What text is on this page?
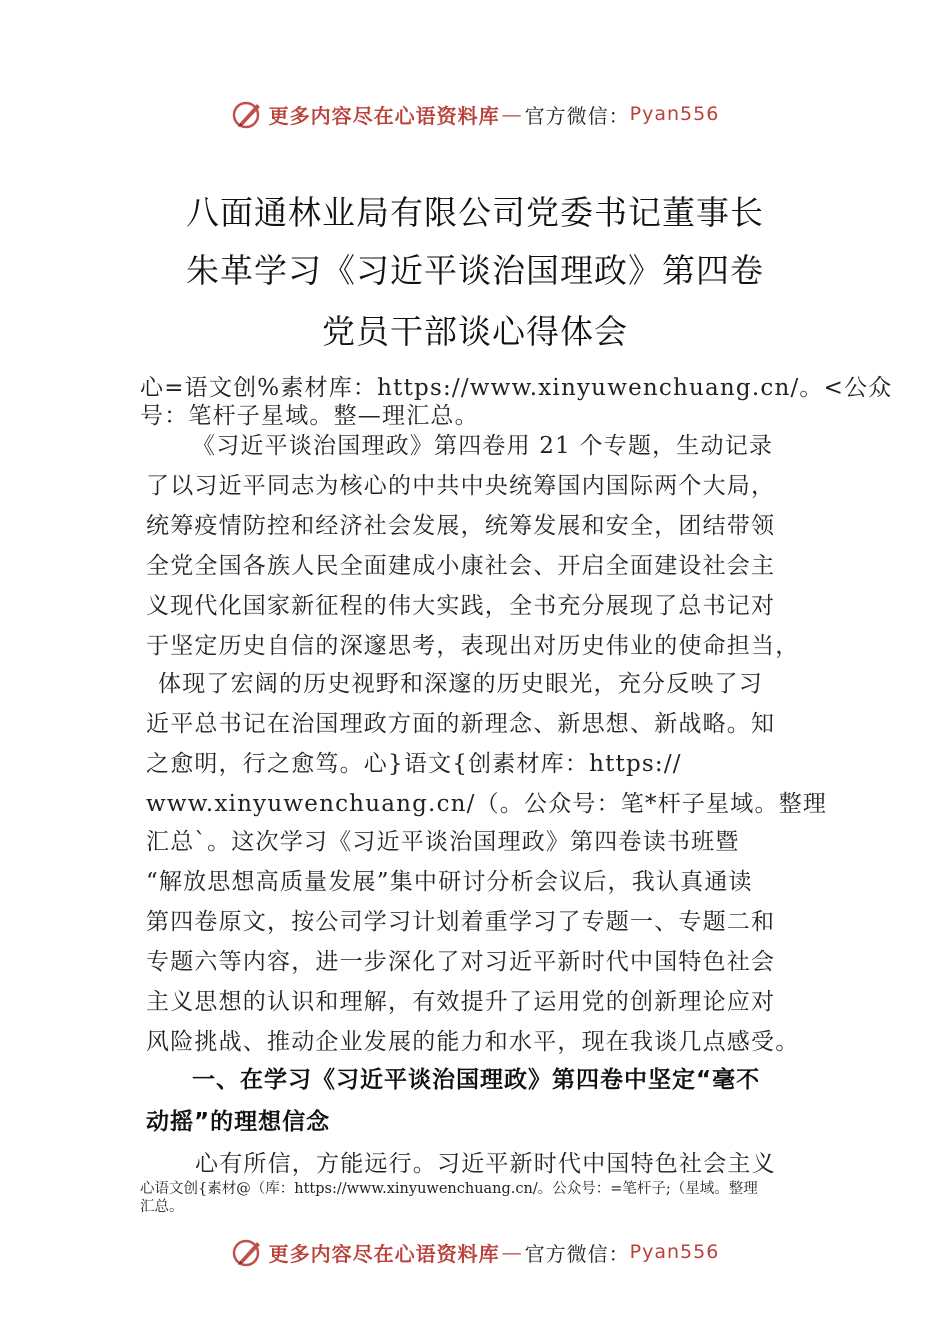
更多内容尽在心语资料库 — 官方微信： Pyan556
八面通林业局有限公司党委书记董事长
朱革学习《习近平谈治国理政》第四卷
党员干部谈心得体会
心=语文创%素材库：https://www.xinyuwenchuang.cn/。<公众
号：笔杆子星域。整—理汇总。
《习近平谈治国理政》第四卷用 21 个专题，生动记录
了以习近平同志为核心的中共中央统筹国内国际两个大局，
统筹疫情防控和经济社会发展，统筹发展和安全，团结带领
全党全国各族人民全面建成小康社会、开启全面建设社会主
义现代化国家新征程的伟大实践，全书充分展现了总书记对
于坚定历史自信的深邃思考，表现出对历史伟业的使命担当，
体现了宏阔的历史视野和深邃的历史眼光，充分反映了习
近平总书记在治国理政方面的新理念、新思想、新战略。知
之愈明，行之愈笃。心}语文{创素材库：https://
www.xinyuwenchuang.cn/（。公众号：笔*杆子星域。整理
汇总`。这次学习《习近平谈治国理政》第四卷读书班暨
“解放思想高质量发展”集中研讨分析会议后，我认真通读
第四卷原文，按公司学习计划着重学习了专题一、专题二和
专题六等内容，进一步深化了对习近平新时代中国特色社会
主义思想的认识和理解，有效提升了运用党的创新理论应对
风险挑战、推动企业发展的能力和水平，现在我谈几点感受。
一、在学习《习近平谈治国理政》第四卷中坚定“毫不
动摇”的理想信念
心有所信，方能远行。习近平新时代中国特色社会主义
心语文创{素材@（库：https://www.xinyuwenchuang.cn/。公众号：=笔杆子;（星域。整理
汇总。
更多内容尽在心语资料库 — 官方微信： Pyan556
